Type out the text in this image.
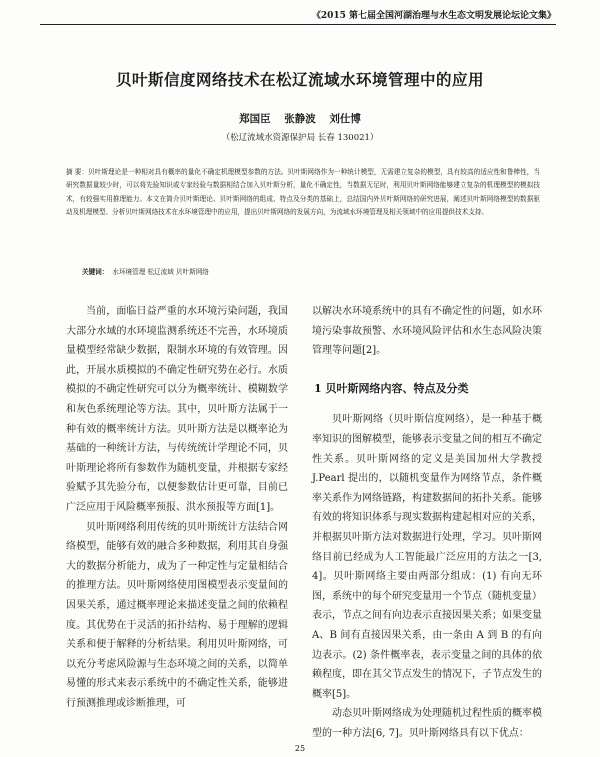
《2015 第七届全国河湖治理与水生态文明发展论坛论文集》
贝叶斯信度网络技术在松辽流域水环境管理中的应用
郑国臣 张静波 刘仕博
（松辽流域水资源保护局 长春 130021）
摘 要：贝叶斯理论是一种相对具有概率的量化不确定机理模型参数的方法。贝叶斯网络作为一种统计模型，无需建立复杂的模型，具有较高的适应性和鲁棒性，当研究数据量较少时，可以将先验知识或专家经验与数据相结合加入贝叶斯分析，量化不确定性，当数据无足时，利用贝叶斯网络能够建立复杂的机理模型的模拟技术，有较强实用推理能力。本文在简介贝叶斯理论、贝叶斯网络的组成、特点及分类的基础上，总结国内外贝叶斯网络的研究进展，阐述贝叶斯网络模型的数据驱动及机理模型、分析贝叶斯网络技术在水环境管理中的应用，提出贝叶斯网络的发展方向，为流域水环境管理及相关领域中的应用提供技术支持。
关键词： 水环境管理 松辽流域 贝叶斯网络

当前，面临日益严重的水环境污染问题，我国大部分水域的水环境监测系统还不完善，水环境质量模型经常缺少数据，限制水环境的有效管理。因此，开展水质模拟的不确定性研究势在必行。水质模拟的不确定性研究可以分为概率统计、模糊数学和灰色系统理论等方法。其中，贝叶斯方法属于一种有效的概率统计方法。贝叶斯方法是以概率论为基础的一种统计方法，与传统统计学理论不同，贝叶斯理论将所有参数作为随机变量，并根据专家经验赋予其先验分布，以便参数估计更可靠，目前已广泛应用于风险概率预报、洪水预报等方面[1]。

贝叶斯网络利用传统的贝叶斯统计方法结合网络模型，能够有效的融合多种数据，利用其自身强大的数据分析能力，成为了一种定性与定量相结合的推理方法。贝叶斯网络使用图模型表示变量间的因果关系，通过概率理论来描述变量之间的依赖程度。其优势在于灵活的拓扑结构、易于理解的逻辑关系和便于解释的分析结果。利用贝叶斯网络，可以充分考虑风险源与生态环境之间的关系，以简单易懂的形式来表示系统中的不确定性关系，能够进行预测推理或诊断推理，可

以解决水环境系统中的具有不确定性的问题，如水环境污染事故预警、水环境风险评估和水生态风险决策管理等问题[2]。

1 贝叶斯网络内容、特点及分类

贝叶斯网络（贝叶斯信度网络），是一种基于概率知识的图解模型，能够表示变量之间的相互不确定性关系。贝叶斯网络的定义是美国加州大学教授 J.Pearl 提出的，以随机变量作为网络节点，条件概率关系作为网络链路，构建数据间的拓扑关系。能够有效的将知识体系与现实数据构建起相对应的关系，并根据贝叶斯方法对数据进行处理，学习。贝叶斯网络目前已经成为人工智能最广泛应用的方法之一[3, 4]。贝叶斯网络主要由两部分组成：(1) 有向无环图，系统中的每个研究变量用一个节点（随机变量）表示，节点之间有向边表示直接因果关系；如果变量 A、B 间有直接因果关系，由一条由 A 到 B 的有向边表示。(2) 条件概率表，表示变量之间的具体的依赖程度，即在其父节点发生的情况下，子节点发生的概率[5]。

动态贝叶斯网络成为处理随机过程性质的概率模型的一种方法[6, 7]。贝叶斯网络具有以下优点：

25
